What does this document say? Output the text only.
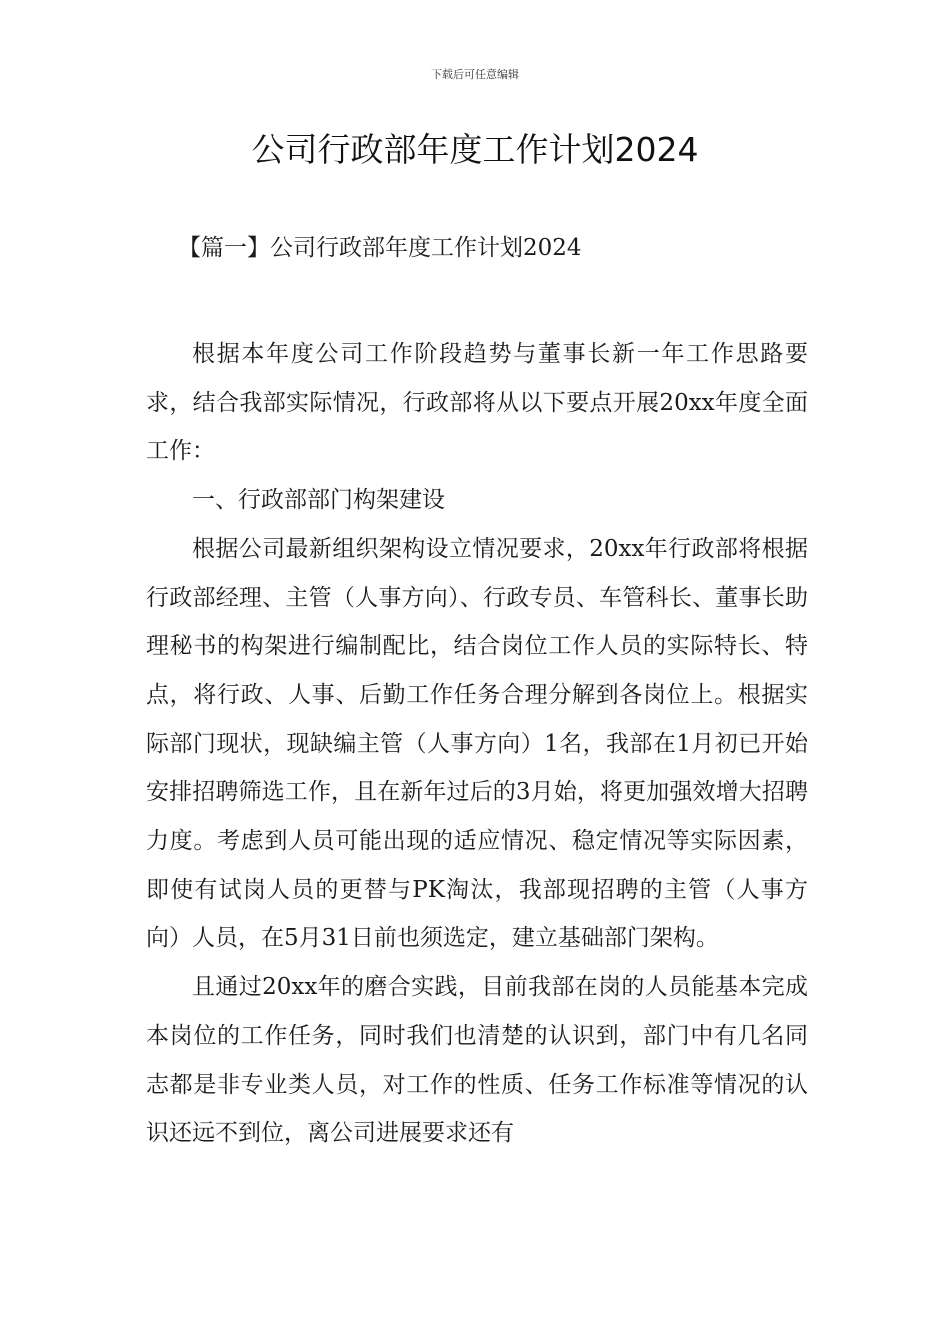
下载后可任意编辑
公司行政部年度工作计划2024
【篇一】公司行政部年度工作计划2024

根据本年度公司工作阶段趋势与董事长新一年工作思路要求，结合我部实际情况，行政部将从以下要点开展20xx年度全面工作：

一、行政部部门构架建设

根据公司最新组织架构设立情况要求，20xx年行政部将根据行政部经理、主管（人事方向）、行政专员、车管科长、董事长助理秘书的构架进行编制配比，结合岗位工作人员的实际特长、特点，将行政、人事、后勤工作任务合理分解到各岗位上。根据实际部门现状，现缺编主管（人事方向）1名，我部在1月初已开始安排招聘筛选工作，且在新年过后的3月始，将更加强效增大招聘力度。考虑到人员可能出现的适应情况、稳定情况等实际因素，即使有试岗人员的更替与PK淘汰，我部现招聘的主管（人事方向）人员，在5月31日前也须选定，建立基础部门架构。

且通过20xx年的磨合实践，目前我部在岗的人员能基本完成本岗位的工作任务，同时我们也清楚的认识到，部门中有几名同志都是非专业类人员，对工作的性质、任务工作标准等情况的认识还远不到位，离公司进展要求还有
